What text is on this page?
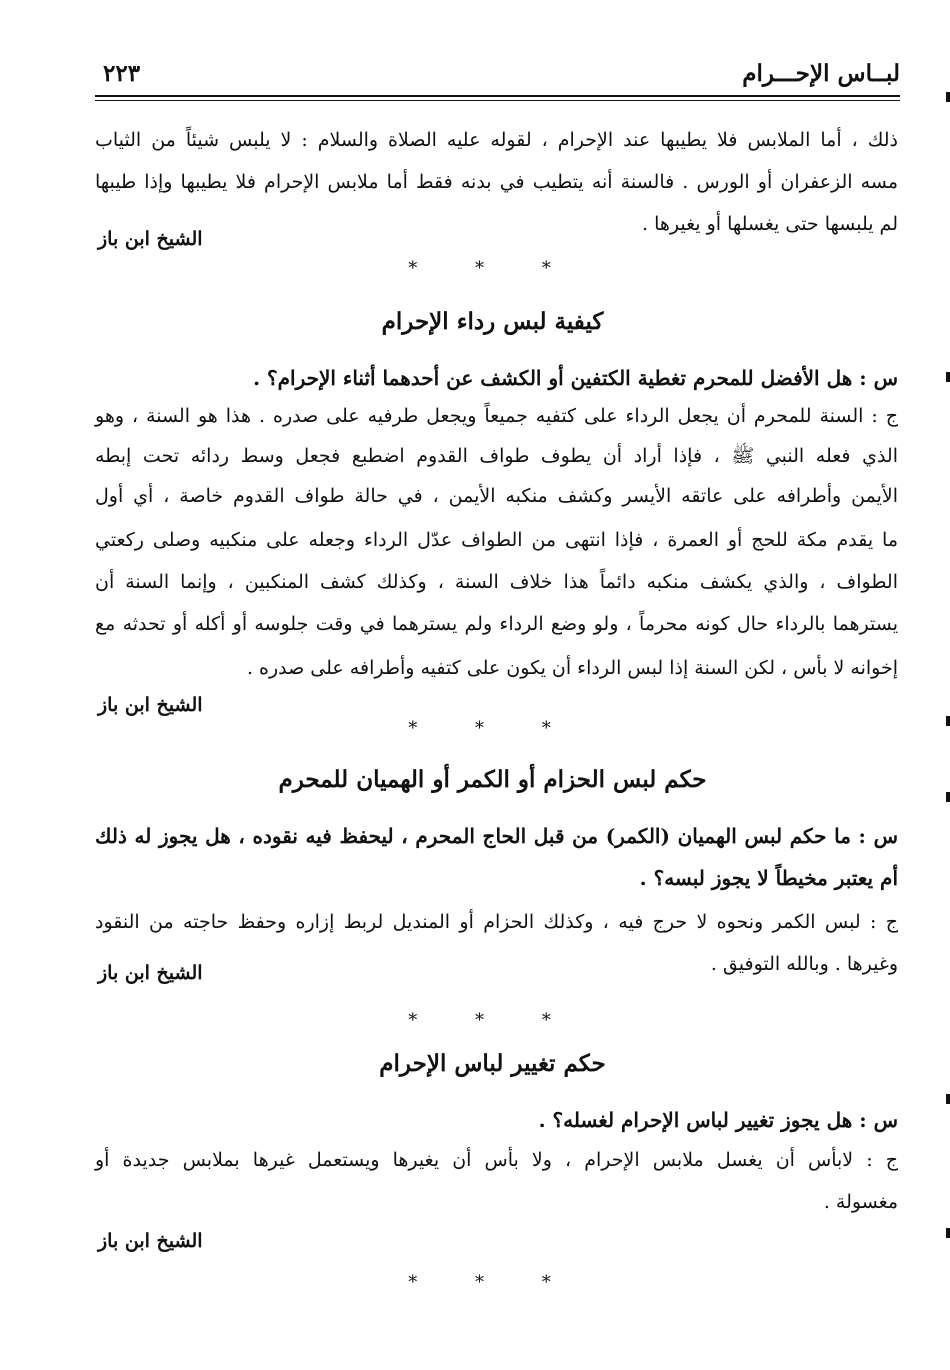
لبــاس الإحـــرام
٢٢٣
ذلك ، أما الملابس فلا يطيبها عند الإحرام ، لقوله عليه الصلاة والسلام : لا يلبس شيئاً من الثياب
مسه الزعفران أو الورس . فالسنة أنه يتطيب في بدنه فقط أما ملابس الإحرام فلا يطيبها وإذا طيبها
لم يلبسها حتى يغسلها أو يغيرها .
الشيخ ابن باز
* * *
كيفية لبس رداء الإحرام
س : هل الأفضل للمحرم تغطية الكتفين أو الكشف عن أحدهما أثناء الإحرام؟ .
ج : السنة للمحرم أن يجعل الرداء على كتفيه جميعاً ويجعل طرفيه على صدره . هذا هو السنة ، وهو
الذي فعله النبي ﷺ ، فإذا أراد أن يطوف طواف القدوم اضطبع فجعل وسط ردائه تحت إبطه
الأيمن وأطرافه على عاتقه الأيسر وكشف منكبه الأيمن ، في حالة طواف القدوم خاصة ، أي أول
ما يقدم مكة للحج أو العمرة ، فإذا انتهى من الطواف عدّل الرداء وجعله على منكبيه وصلى ركعتي
الطواف ، والذي يكشف منكبه دائماً هذا خلاف السنة ، وكذلك كشف المنكبين ، وإنما السنة أن
يسترهما بالرداء حال كونه محرماً ، ولو وضع الرداء ولم يسترهما في وقت جلوسه أو أكله أو تحدثه مع
إخوانه لا بأس ، لكن السنة إذا لبس الرداء أن يكون على كتفيه وأطرافه على صدره .
الشيخ ابن باز
* * *
حكم لبس الحزام أو الكمر أو الهميان للمحرم
س : ما حكم لبس الهميان (الكمر) من قبل الحاج المحرم ، ليحفظ فيه نقوده ، هل يجوز له ذلك
أم يعتبر مخيطاً لا يجوز لبسه؟ .
ج : لبس الكمر ونحوه لا حرج فيه ، وكذلك الحزام أو المنديل لربط إزاره وحفظ حاجته من النقود
وغيرها . وبالله التوفيق .
الشيخ ابن باز
* * *
حكم تغيير لباس الإحرام
س : هل يجوز تغيير لباس الإحرام لغسله؟ .
ج : لابأس أن يغسل ملابس الإحرام ، ولا بأس أن يغيرها ويستعمل غيرها بملابس جديدة أو
مغسولة .
الشيخ ابن باز
* * *
